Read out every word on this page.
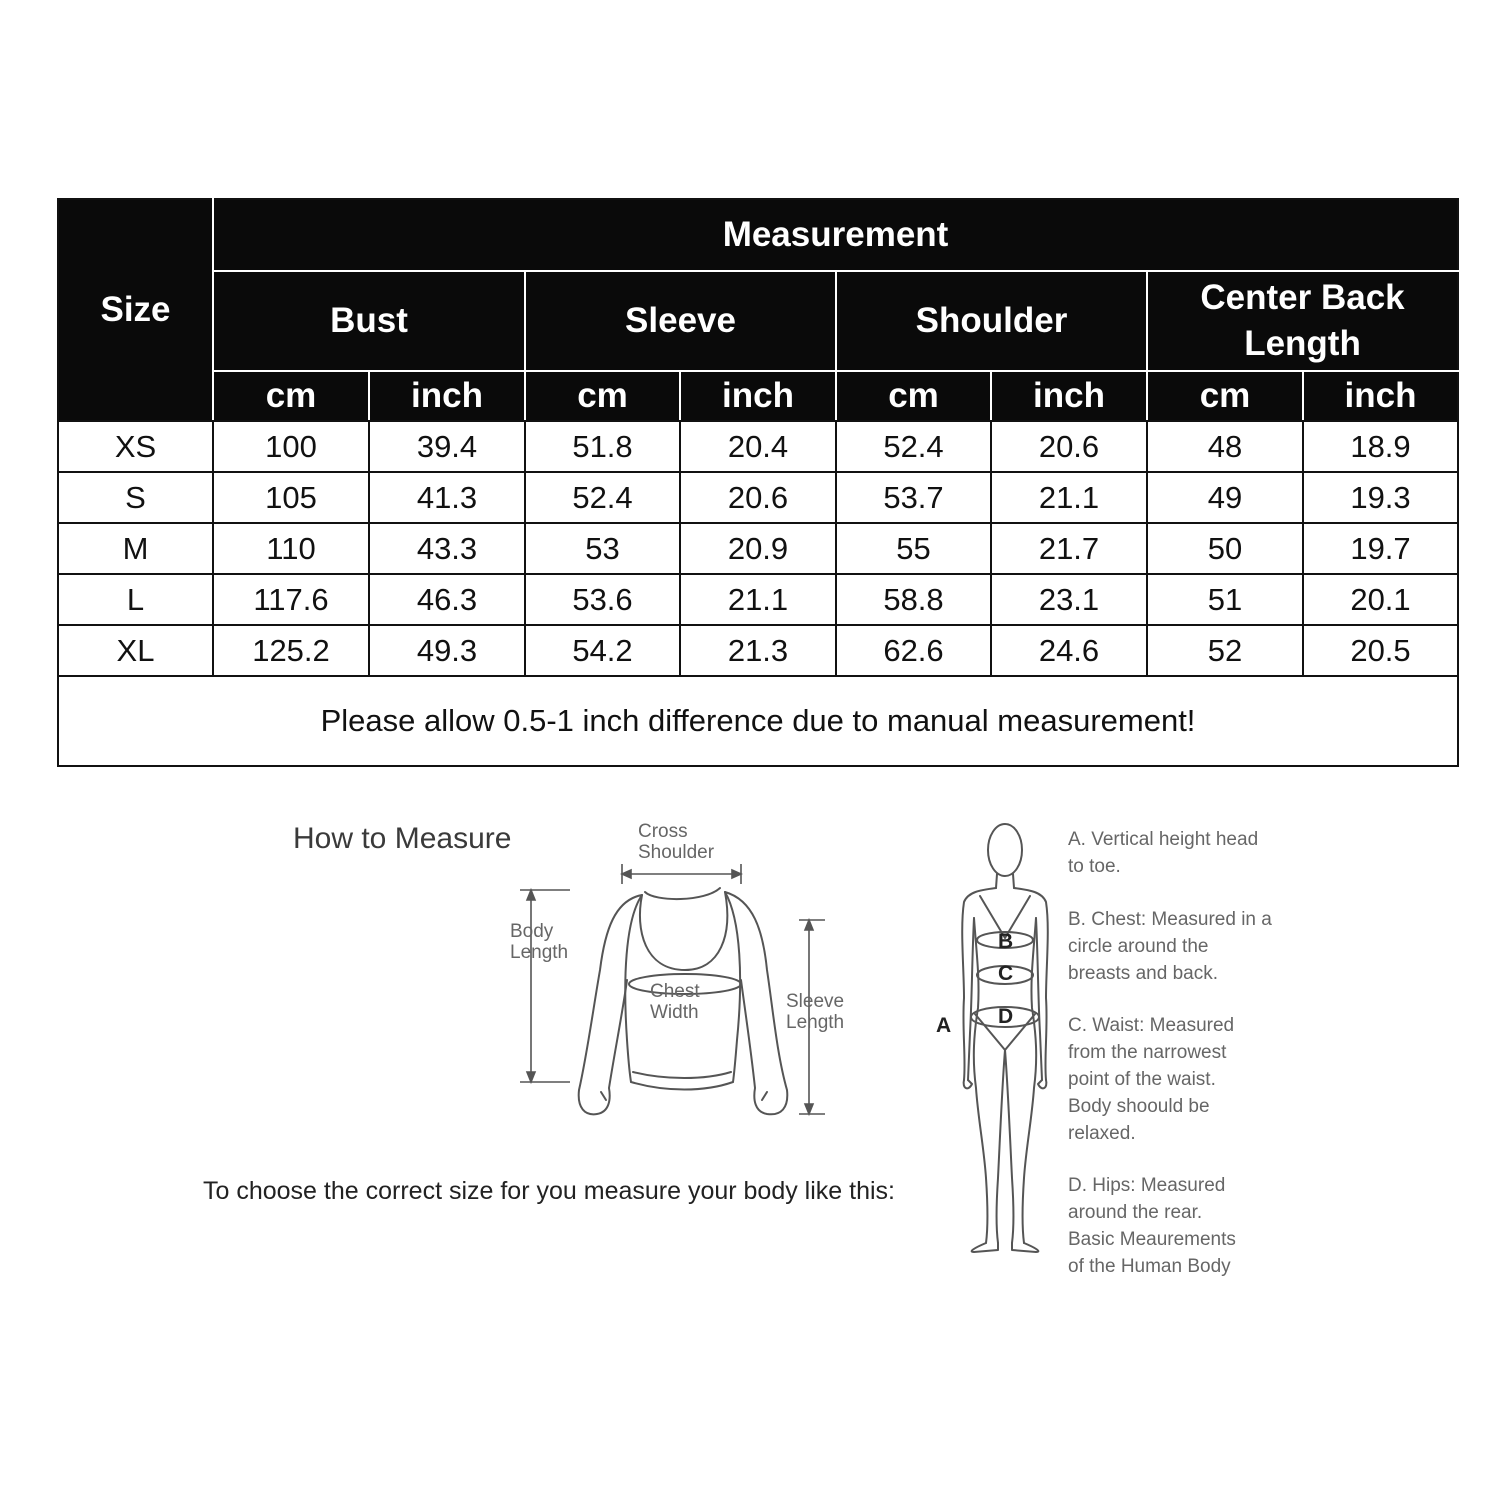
Size	Measurement							
	Bust		Sleeve		Shoulder		Center Back
Length	
	cm	inch	cm	inch	cm	inch	cm	inch
XS	100	39.4	51.8	20.4	52.4	20.6	48	18.9
S	105	41.3	52.4	20.6	53.7	21.1	49	19.3
M	110	43.3	53	20.9	55	21.7	50	19.7
L	117.6	46.3	53.6	21.1	58.8	23.1	51	20.1
XL	125.2	49.3	54.2	21.3	62.6	24.6	52	20.5
Please allow 0.5-1 inch difference due to manual measurement!								
How to Measure
To choose the correct size for you measure your body like this:
Cross
Shoulder
Body
Length
Chest
Width
Sleeve
Length	A
B
C
D
A. Vertical height head
to toe.
B. Chest: Measured in a
circle around the
breasts and back.
C. Waist: Measured
from the narrowest
point of the waist.
Body shoould be
relaxed.
D. Hips: Measured
around the rear.
Basic Meaurements
of the Human Body
